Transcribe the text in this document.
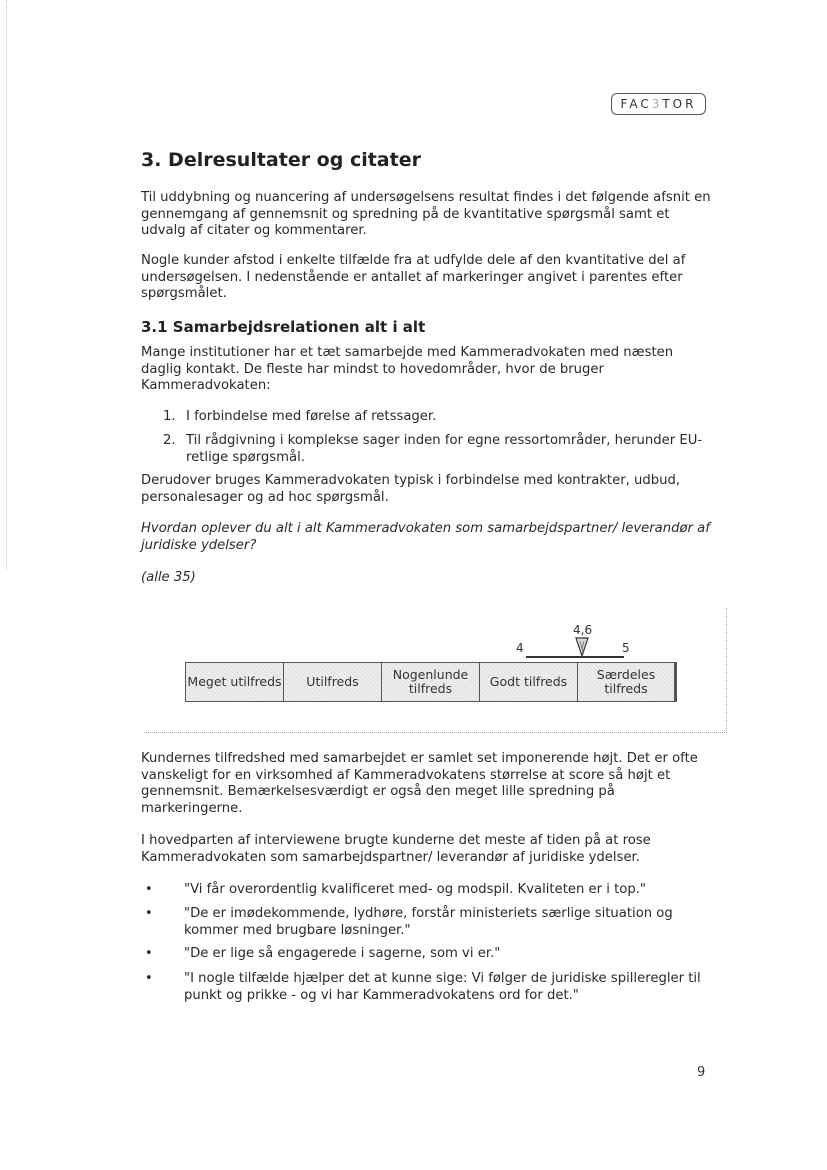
FAC3TOR
3. Delresultater og citater

Til uddybning og nuancering af undersøgelsens resultat findes i det følgende afsnit en gennemgang af gennemsnit og spredning på de kvantitative spørgsmål samt et udvalg af citater og kommentarer.

Nogle kunder afstod i enkelte tilfælde fra at udfylde dele af den kvantitative del af undersøgelsen. I nedenstående er antallet af markeringer angivet i parentes efter spørgsmålet.

3.1 Samarbejdsrelationen alt i alt

Mange institutioner har et tæt samarbejde med Kammeradvokaten med næsten daglig kontakt. De fleste har mindst to hovedområder, hvor de bruger Kammeradvokaten:

1. I forbindelse med førelse af retssager.
2. Til rådgivning i komplekse sager inden for egne ressortområder, herunder EU-retlige spørgsmål.

Derudover bruges Kammeradvokaten typisk i forbindelse med kontrakter, udbud, personalesager og ad hoc spørgsmål.

Hvordan oplever du alt i alt Kammeradvokaten som samarbejdspartner/ leverandør af juridiske ydelser?

(alle 35)

4,6
4	5
Meget utilfreds	Utilfreds	Nogenlunde tilfreds	Godt tilfreds	Særdeles tilfreds

Kundernes tilfredshed med samarbejdet er samlet set imponerende højt. Det er ofte vanskeligt for en virksomhed af Kammeradvokatens størrelse at score så højt et gennemsnit. Bemærkelsesværdigt er også den meget lille spredning på markeringerne.

I hovedparten af interviewene brugte kunderne det meste af tiden på at rose Kammeradvokaten som samarbejdspartner/ leverandør af juridiske ydelser.

• "Vi får overordentlig kvalificeret med- og modspil. Kvaliteten er i top."
• "De er imødekommende, lydhøre, forstår ministeriets særlige situation og kommer med brugbare løsninger."
• "De er lige så engagerede i sagerne, som vi er."
• "I nogle tilfælde hjælper det at kunne sige: Vi følger de juridiske spilleregler til punkt og prikke - og vi har Kammeradvokatens ord for det."
9
